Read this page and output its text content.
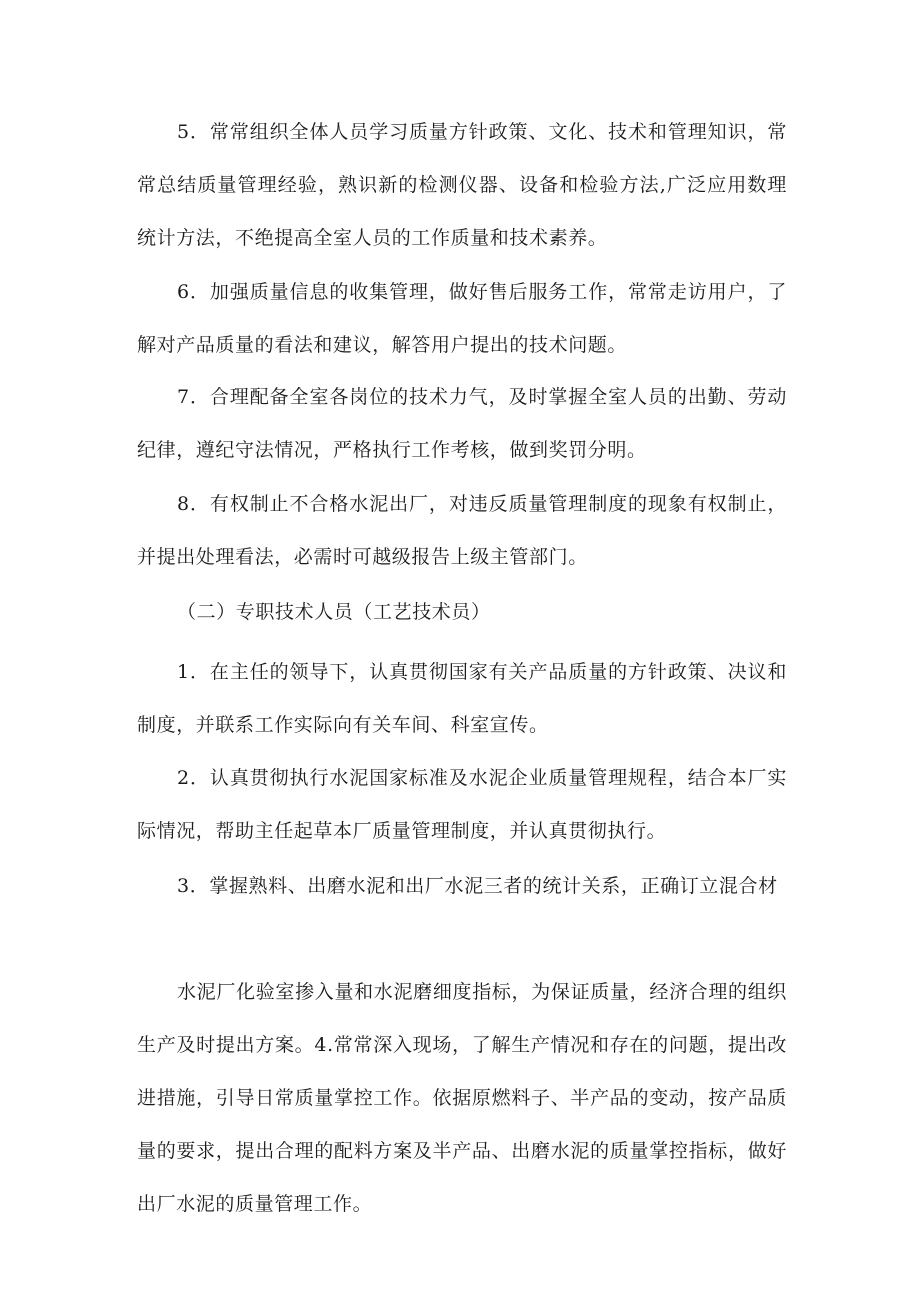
5．常常组织全体人员学习质量方针政策、文化、技术和管理知识，常常总结质量管理经验，熟识新的检测仪器、设备和检验方法,广泛应用数理统计方法，不绝提高全室人员的工作质量和技术素养。

6．加强质量信息的收集管理，做好售后服务工作，常常走访用户，了解对产品质量的看法和建议，解答用户提出的技术问题。

7．合理配备全室各岗位的技术力气，及时掌握全室人员的出勤、劳动纪律，遵纪守法情况，严格执行工作考核，做到奖罚分明。

8．有权制止不合格水泥出厂，对违反质量管理制度的现象有权制止，并提出处理看法，必需时可越级报告上级主管部门。

（二）专职技术人员（工艺技术员）

1．在主任的领导下，认真贯彻国家有关产品质量的方针政策、决议和制度，并联系工作实际向有关车间、科室宣传。

2．认真贯彻执行水泥国家标准及水泥企业质量管理规程，结合本厂实际情况，帮助主任起草本厂质量管理制度，并认真贯彻执行。

3．掌握熟料、出磨水泥和出厂水泥三者的统计关系，正确订立混合材

水泥厂化验室掺入量和水泥磨细度指标，为保证质量，经济合理的组织生产及时提出方案。4.常常深入现场，了解生产情况和存在的问题，提出改进措施，引导日常质量掌控工作。依据原燃料子、半产品的变动，按产品质量的要求，提出合理的配料方案及半产品、出磨水泥的质量掌控指标，做好出厂水泥的质量管理工作。
